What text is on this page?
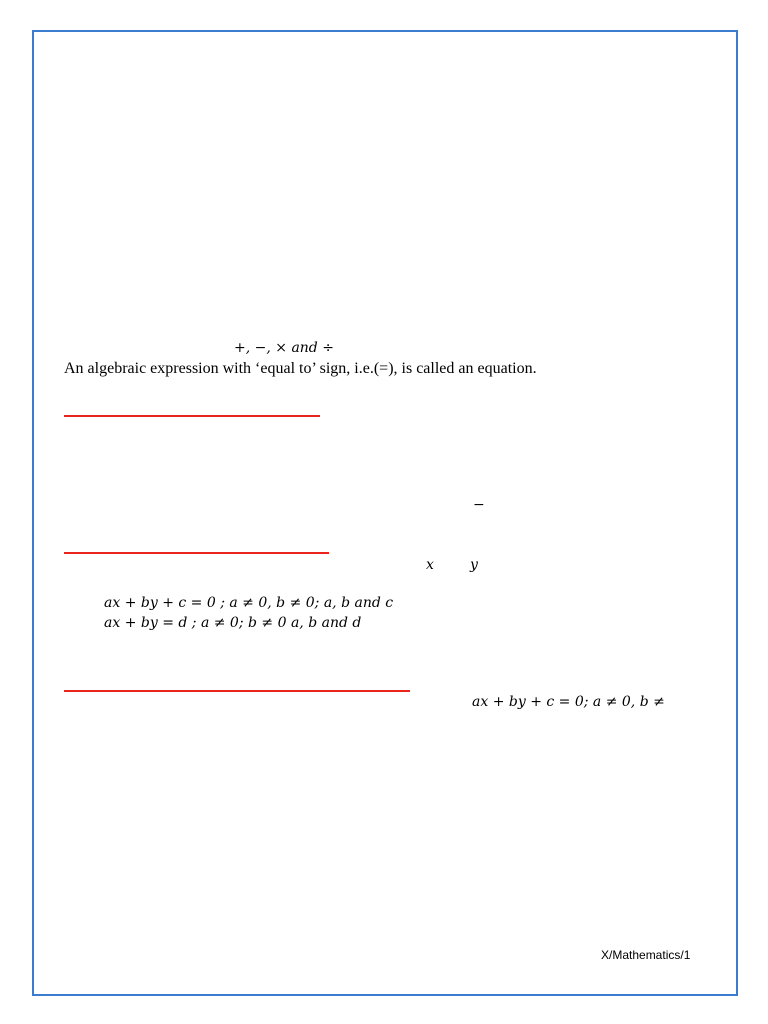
+, −, × and ÷
An algebraic expression with ‘equal to’ sign, i.e.(=), is called an equation.
−
x	y
ax + by + c = 0 ; a ≠ 0, b ≠ 0; a, b and c
ax + by = d ; a ≠ 0; b ≠ 0 a, b and d
ax + by + c = 0; a ≠ 0, b ≠
X/Mathematics/1
